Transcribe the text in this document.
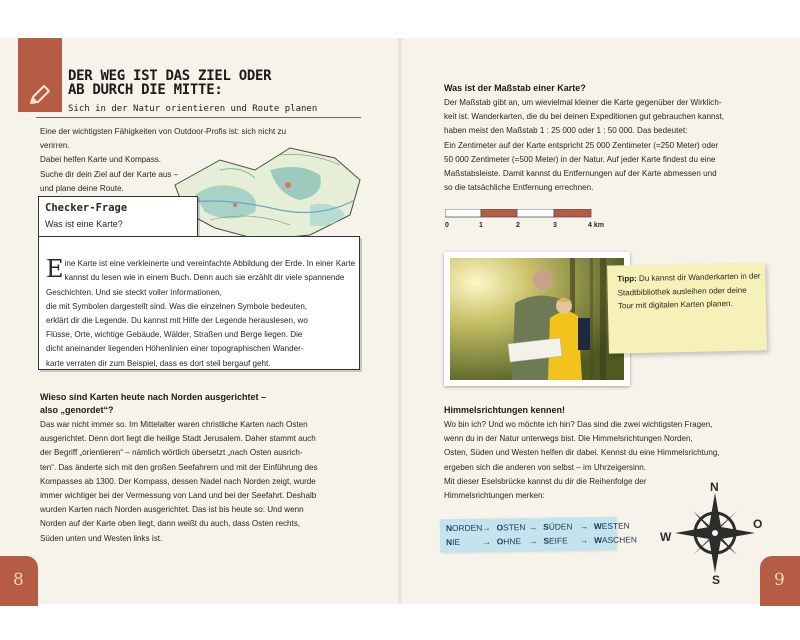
DER WEG IST DAS ZIEL ODER
AB DURCH DIE MITTE:
Sich in der Natur orientieren und Route planen
Eine der wichtigsten Fähigkeiten von Outdoor-Profis ist: sich nicht zu verirren.
Dabei helfen Karte und Kompass.
Suche dir dein Ziel auf der Karte aus –
und plane deine Route.
Checker-Frage
Was ist eine Karte?

Eine Karte ist eine verkleinerte und vereinfachte Abbildung der Erde. In einer Karte kannst du lesen wie in einem Buch. Denn auch sie erzählt dir viele spannende Geschichten. Und sie steckt voller Informationen,
die mit Symbolen dargestellt sind. Was die einzelnen Symbole bedeuten,
erklärt dir die Legende. Du kannst mit Hilfe der Legende herauslesen, wo
Flüsse, Orte, wichtige Gebäude, Wälder, Straßen und Berge liegen. Die
dicht aneinander liegenden Höhenlinien einer topographischen Wander-
karte verraten dir zum Beispiel, dass es dort steil bergauf geht.

Wieso sind Karten heute nach Norden ausgerichtet –
also „genordet“?
Das war nicht immer so. Im Mittelalter waren christliche Karten nach Osten
ausgerichtet. Denn dort liegt die heilige Stadt Jerusalem. Daher stammt auch
der Begriff „orientieren“ – nämlich wörtlich übersetzt „nach Osten ausrich-
ten“. Das änderte sich mit den großen Seefahrern und mit der Einführung des
Kompasses ab 1300. Der Kompass, dessen Nadel nach Norden zeigt, wurde
immer wichtiger bei der Vermessung von Land und bei der Seefahrt. Deshalb
wurden Karten nach Norden ausgerichtet. Das ist bis heute so: Und wenn
Norden auf der Karte oben liegt, dann weißt du auch, dass Osten rechts,
Süden unten und Westen links ist.
8
Was ist der Maßstab einer Karte?
Der Maßstab gibt an, um wievielmal kleiner die Karte gegenüber der Wirklich-
keit ist. Wanderkarten, die du bei deinen Expeditionen gut gebrauchen kannst,
haben meist den Maßstab 1 : 25 000 oder 1 : 50 000. Das bedeutet:
Ein Zentimeter auf der Karte entspricht 25 000 Zentimeter (=250 Meter) oder
50 000 Zentimeter (=500 Meter) in der Natur. Auf jeder Karte findest du eine
Maßstabsleiste. Damit kannst du Entfernungen auf der Karte abmessen und
so die tatsächliche Entfernung errechnen.
0	1	2	3	4 km
Tipp: Du kannst dir Wanderkarten in der Stadtbibliothek ausleihen oder deine Tour mit digitalen Karten planen.
Himmelsrichtungen kennen!
Wo bin ich? Und wo möchte ich hin? Das sind die zwei wichtigsten Fragen,
wenn du in der Natur unterwegs bist. Die Himmelsrichtungen Norden,
Osten, Süden und Westen helfen dir dabei. Kennst du eine Himmelsrichtung,
ergeben sich die anderen von selbst – im Uhrzeigersinn.
Mit dieser Eselsbrücke kannst du dir die Reihenfolge der
Himmelsrichtungen merken:
NORDEN → OSTEN → SÜDEN → WESTEN
NIE	→ OHNE → SEIFE → WASCHEN
N
O
S
W
9
